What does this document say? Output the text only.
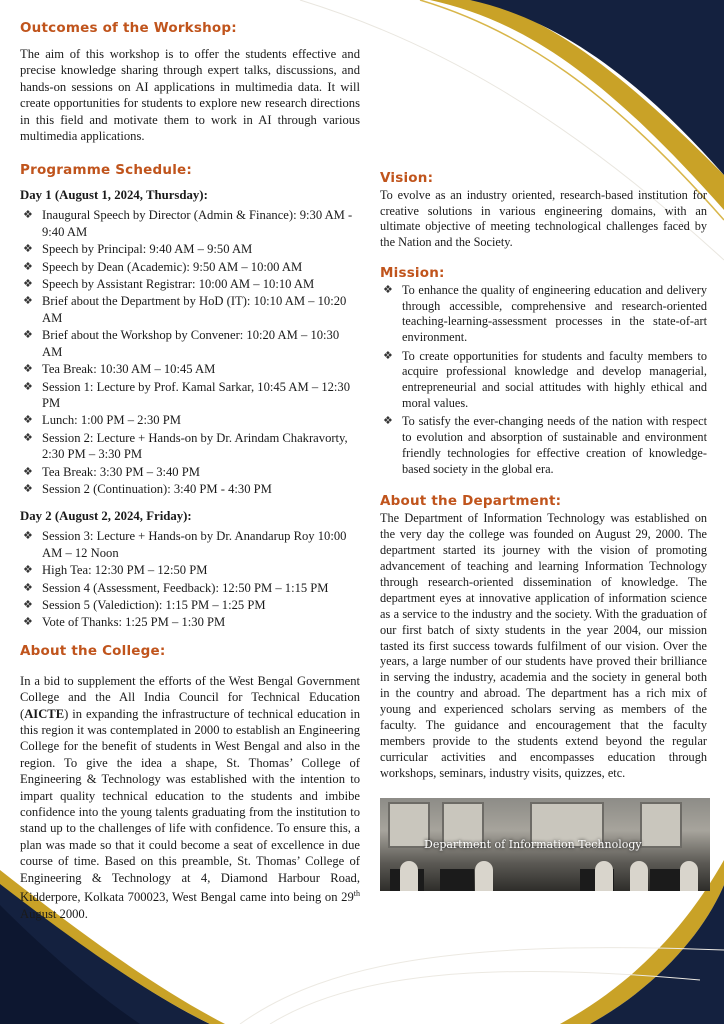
Outcomes of the Workshop:

The aim of this workshop is to offer the students effective and precise knowledge sharing through expert talks, discussions, and hands-on sessions on AI applications in multimedia data. It will create opportunities for students to explore new research directions in this field and motivate them to work in AI through various multimedia applications.

Programme Schedule:

Day 1 (August 1, 2024, Thursday):

❖ Inaugural Speech by Director (Admin & Finance): 9:30 AM - 9:40 AM
❖ Speech by Principal: 9:40 AM – 9:50 AM
❖ Speech by Dean (Academic): 9:50 AM – 10:00 AM
❖ Speech by Assistant Registrar: 10:00 AM – 10:10 AM
❖ Brief about the Department by HoD (IT): 10:10 AM – 10:20 AM
❖ Brief about the Workshop by Convener: 10:20 AM – 10:30 AM
❖ Tea Break: 10:30 AM – 10:45 AM
❖ Session 1: Lecture by Prof. Kamal Sarkar, 10:45 AM – 12:30 PM
❖ Lunch: 1:00 PM – 2:30 PM
❖ Session 2: Lecture + Hands-on by Dr. Arindam Chakravorty, 2:30 PM – 3:30 PM
❖ Tea Break: 3:30 PM – 3:40 PM
❖ Session 2 (Continuation): 3:40 PM - 4:30 PM

Day 2 (August 2, 2024, Friday):

❖ Session 3: Lecture + Hands-on by Dr. Anandarup Roy 10:00 AM – 12 Noon
❖ High Tea: 12:30 PM – 12:50 PM
❖ Session 4 (Assessment, Feedback): 12:50 PM – 1:15 PM
❖ Session 5 (Valediction): 1:15 PM – 1:25 PM
❖ Vote of Thanks: 1:25 PM – 1:30 PM
About the College:

In a bid to supplement the efforts of the West Bengal Government College and the All India Council for Technical Education (AICTE) in expanding the infrastructure of technical education in this region it was contemplated in 2000 to establish an Engineering College for the benefit of students in West Bengal and also in the region. To give the idea a shape, St. Thomas’ College of Engineering & Technology was established with the intention to impart quality technical education to the students and imbibe confidence into the young talents graduating from the institution to stand up to the challenges of life with confidence. To ensure this, a plan was made so that it could become a seat of excellence in due course of time. Based on this preamble, St. Thomas’ College of Engineering & Technology at 4, Diamond Harbour Road, Kidderpore, Kolkata 700023, West Bengal came into being on 29th August 2000.

Vision:

To evolve as an industry oriented, research-based institution for creative solutions in various engineering domains, with an ultimate objective of meeting technological challenges faced by the Nation and the Society.

Mission:
❖ To enhance the quality of engineering education and delivery through accessible, comprehensive and research-oriented teaching-learning-assessment processes in the state-of-art environment.
❖ To create opportunities for students and faculty members to acquire professional knowledge and develop managerial, entrepreneurial and social attitudes with highly ethical and moral values.
❖ To satisfy the ever-changing needs of the nation with respect to evolution and absorption of sustainable and environment friendly technologies for effective creation of knowledge-based society in the global era.
About the Department:

The Department of Information Technology was established on the very day the college was founded on August 29, 2000. The department started its journey with the vision of promoting advancement of teaching and learning Information Technology through research-oriented dissemination of knowledge. The department eyes at innovative application of information science as a service to the industry and the society. With the graduation of our first batch of sixty students in the year 2004, our mission tasted its first success towards fulfilment of our vision. Over the years, a large number of our students have proved their brilliance in serving the industry, academia and the society in general both in the country and abroad. The department has a rich mix of young and experienced scholars serving as members of the faculty. The guidance and encouragement that the faculty members provide to the students extend beyond the regular curricular activities and encompasses education through workshops, seminars, industry visits, quizzes, etc.

Department of Information Technology
